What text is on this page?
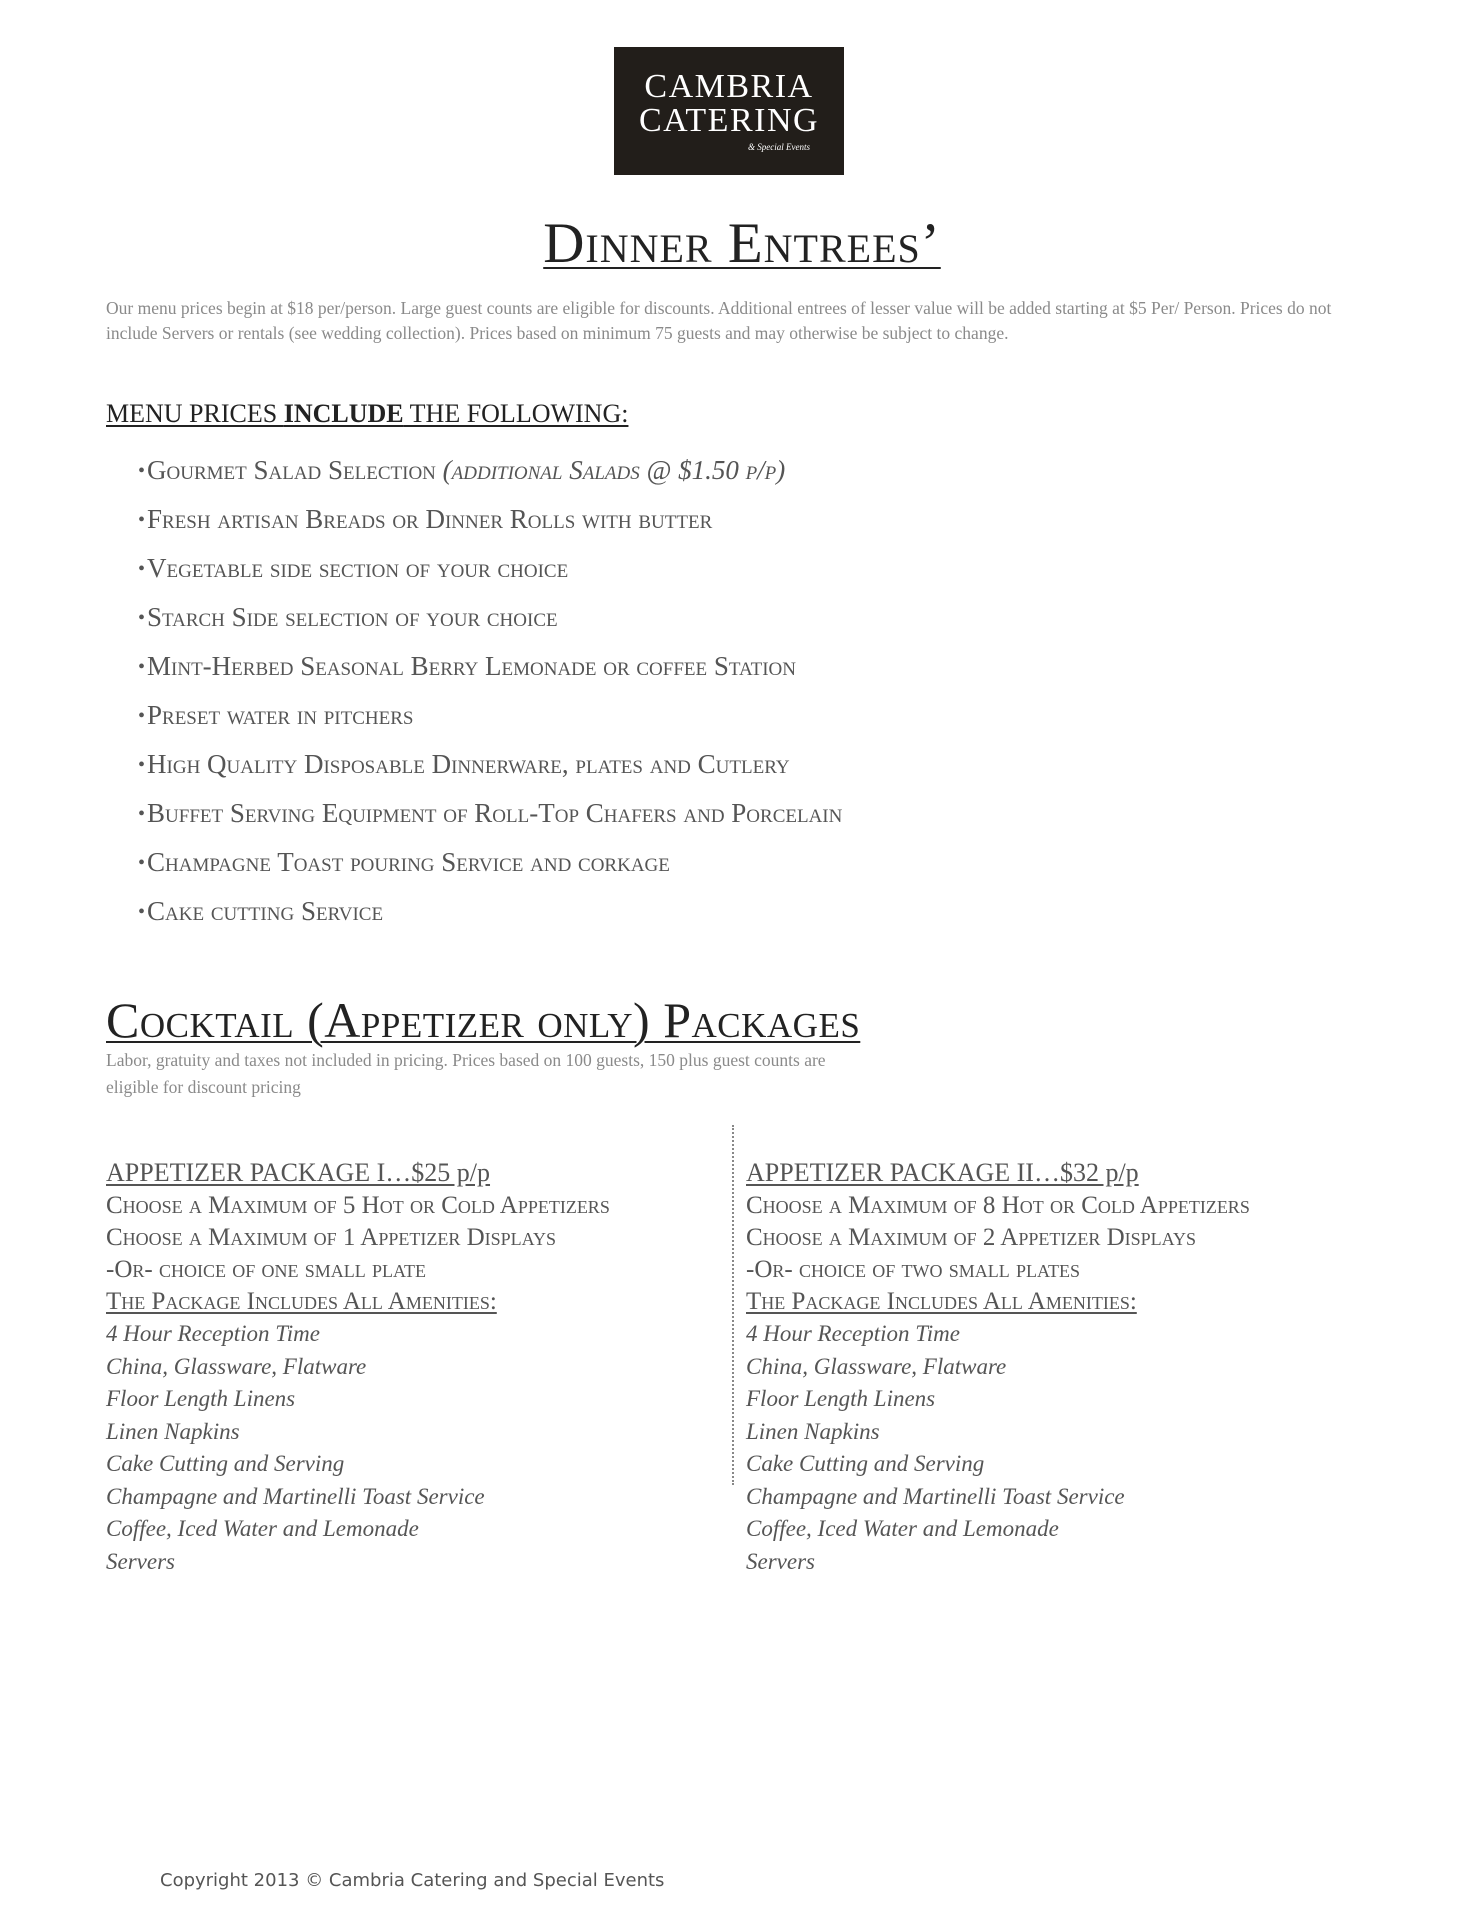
CAMBRIA
CATERING
& Special Events
Dinner Entrees’

Our menu prices begin at $18 per/person. Large guest counts are eligible for discounts. Additional entrees of lesser value will be added starting at $5 Per/ Person. Prices do not include Servers or rentals (see wedding collection). Prices based on minimum 75 guests and may otherwise be subject to change.

MENU PRICES INCLUDE THE FOLLOWING:
•Gourmet Salad Selection (additional Salads @ $1.50 p/p)
•Fresh artisan Breads or Dinner Rolls with butter
•Vegetable side section of your choice
•Starch Side selection of your choice
•Mint-Herbed Seasonal Berry Lemonade or coffee Station
•Preset water in pitchers
•High Quality Disposable Dinnerware, plates and Cutlery
•Buffet Serving Equipment of Roll-Top Chafers and Porcelain
•Champagne Toast pouring Service and corkage
•Cake cutting Service
Cocktail (Appetizer only) Packages

Labor, gratuity and taxes not included in pricing. Prices based on 100 guests, 150 plus guest counts are eligible for discount pricing

APPETIZER PACKAGE I…$25 p/p
Choose a Maximum of 5 Hot or Cold Appetizers
Choose a Maximum of 1 Appetizer Displays
-Or- choice of one small plate
The Package Includes All Amenities:
4 Hour Reception Time
China, Glassware, Flatware
Floor Length Linens
Linen Napkins
Cake Cutting and Serving
Champagne and Martinelli Toast Service
Coffee, Iced Water and Lemonade
Servers
APPETIZER PACKAGE II…$32 p/p
Choose a Maximum of 8 Hot or Cold Appetizers
Choose a Maximum of 2 Appetizer Displays
-Or- choice of two small plates
The Package Includes All Amenities:
4 Hour Reception Time
China, Glassware, Flatware
Floor Length Linens
Linen Napkins
Cake Cutting and Serving
Champagne and Martinelli Toast Service
Coffee, Iced Water and Lemonade
Servers
Copyright 2013 © Cambria Catering and Special Events
